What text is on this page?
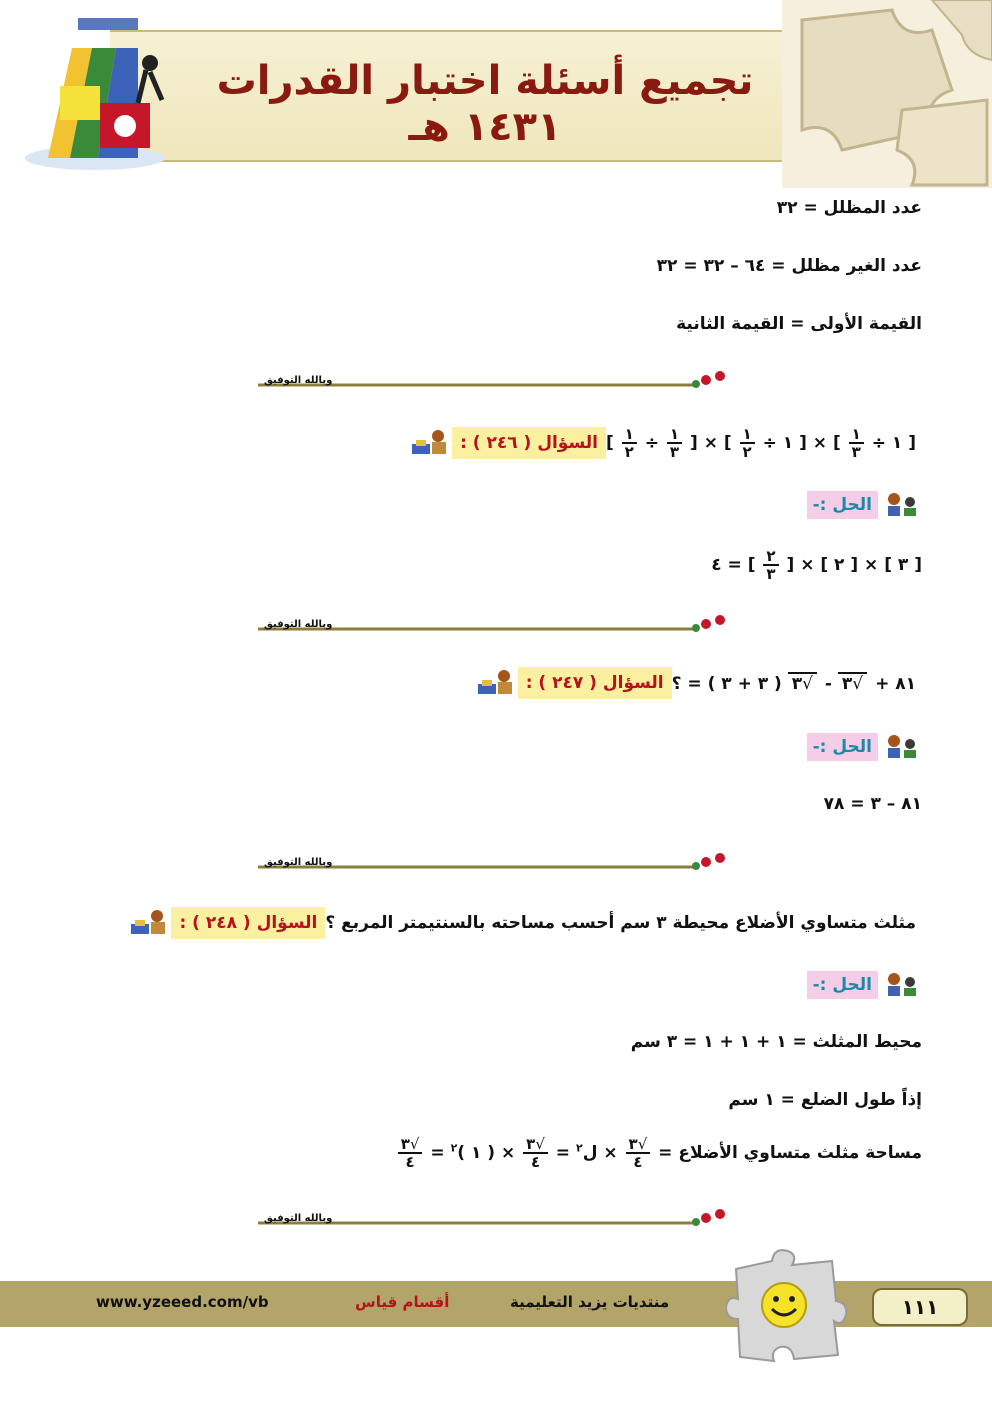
تجميع أسئلة اختبار القدرات ١٤٣١ هـ
عدد المظلل = ٣٢
عدد الغير مظلل = ٦٤ – ٣٢ = ٣٢
القيمة الأولى = القيمة الثانية
وبالله التوفيق
السؤال ( ٢٤٦ ) :	[ ١ ÷
$\frac{١}{٣}$
] × [ ١ ÷
$\frac{١}{٢}$
] × [
$\frac{١}{٣}$
÷
$\frac{١}{٢}$
]
الحل :-
[ ٣ ] × [ ٢ ] × [
$\frac{٢}{٣}$
] = ٤
وبالله التوفيق
السؤال ( ٢٤٧ ) :	٨١ + √٣ - √٣ ( ٣ + ٣ ) = ؟
الحل :-
٨١ – ٣ = ٧٨
وبالله التوفيق
السؤال ( ٢٤٨ ) : مثلث متساوي الأضلاع محيطة ٣ سم أحسب مساحته بالسنتيمتر المربع ؟
الحل :-
محيط المثلث = ١ + ١ + ١ = ٣ سم
إذاً طول الضلع = ١ سم
مساحة مثلث متساوي الأضلاع =
$\frac{√٣}{٤}$
× ل$^٢$ =
$\frac{√٣}{٤}$
× ( ١ )$^٢$ =
$\frac{√٣}{٤}$
وبالله التوفيق
www.yzeeed.com/vb	أقسام قياس	منتديات يزيد التعليمية	١١١
